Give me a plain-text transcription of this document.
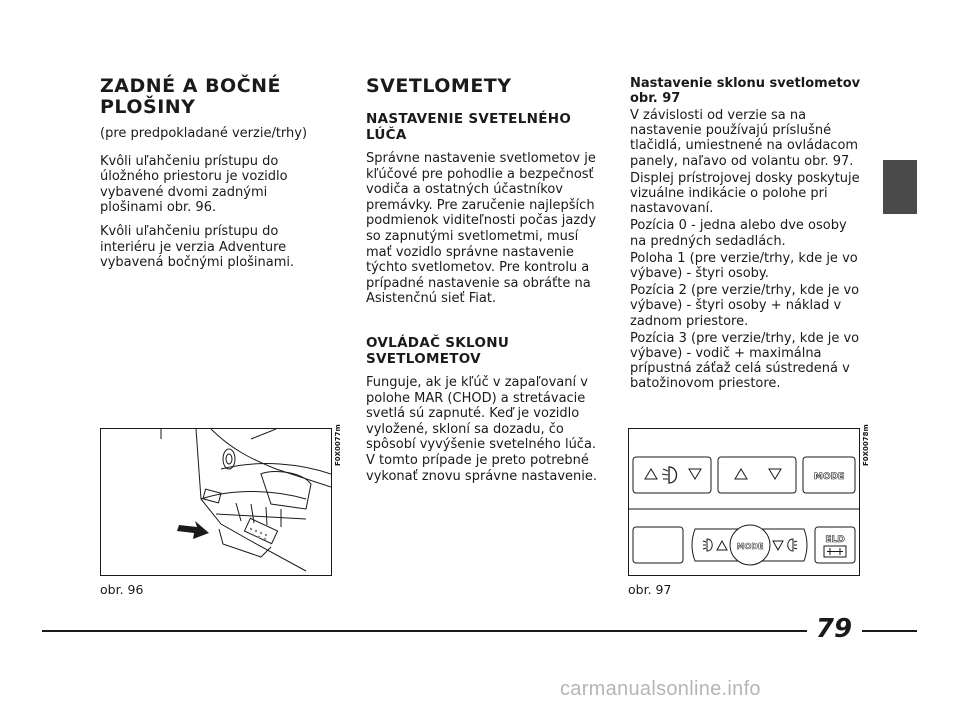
ZADNÉ A BOČNÉ PLOŠINY

(pre predpokladané verzie/trhy)

Kvôli uľahčeniu prístupu do úložného priestoru je vozidlo vybavené dvomi zadnými plošinami obr. 96.

Kvôli uľahčeniu prístupu do interiéru je verzia Adventure vybavená bočnými plošinami.

SVETLOMETY
NASTAVENIE SVETELNÉHO LÚČA

Správne nastavenie svetlometov je kľúčové pre pohodlie a bezpečnosť vodiča a ostatných účastníkov premávky. Pre zaručenie najlepších podmienok viditeľnosti počas jazdy so zapnutými svetlometmi, musí mať vozidlo správne nastavenie týchto svetlometov. Pre kontrolu a prípadné nastavenie sa obráťte na Asistenčnú sieť Fiat.

OVLÁDAČ SKLONU SVETLOMETOV

Funguje, ak je kľúč v zapaľovaní v polohe MAR (CHOD) a stretávacie svetlá sú zapnuté. Keď je vozidlo vyložené, skloní sa dozadu, čo spôsobí vyvýšenie svetelného lúča. V tomto prípade je preto potrebné vykonať znovu správne nastavenie.

Nastavenie sklonu svetlometov obr. 97

V závislosti od verzie sa na nastavenie používajú príslušné tlačidlá, umiestnené na ovládacom panely, naľavo od volantu obr. 97.

Displej prístrojovej dosky poskytuje vizuálne indikácie o polohe pri nastavovaní.

Pozícia 0 - jedna alebo dve osoby na predných sedadlách.

Poloha 1 (pre verzie/trhy, kde je vo výbave) - štyri osoby.

Pozícia 2 (pre verzie/trhy, kde je vo výbave) - štyri osoby + náklad v zadnom priestore.

Pozícia 3 (pre verzie/trhy, kde je vo výbave) - vodič + maximálna prípustná záťaž celá sústredená v batožinovom priestore.

F0X0077m
obr. 96
MODE
MODE
ELD
F0X0078m
obr. 97
79
carmanualsonline.info
